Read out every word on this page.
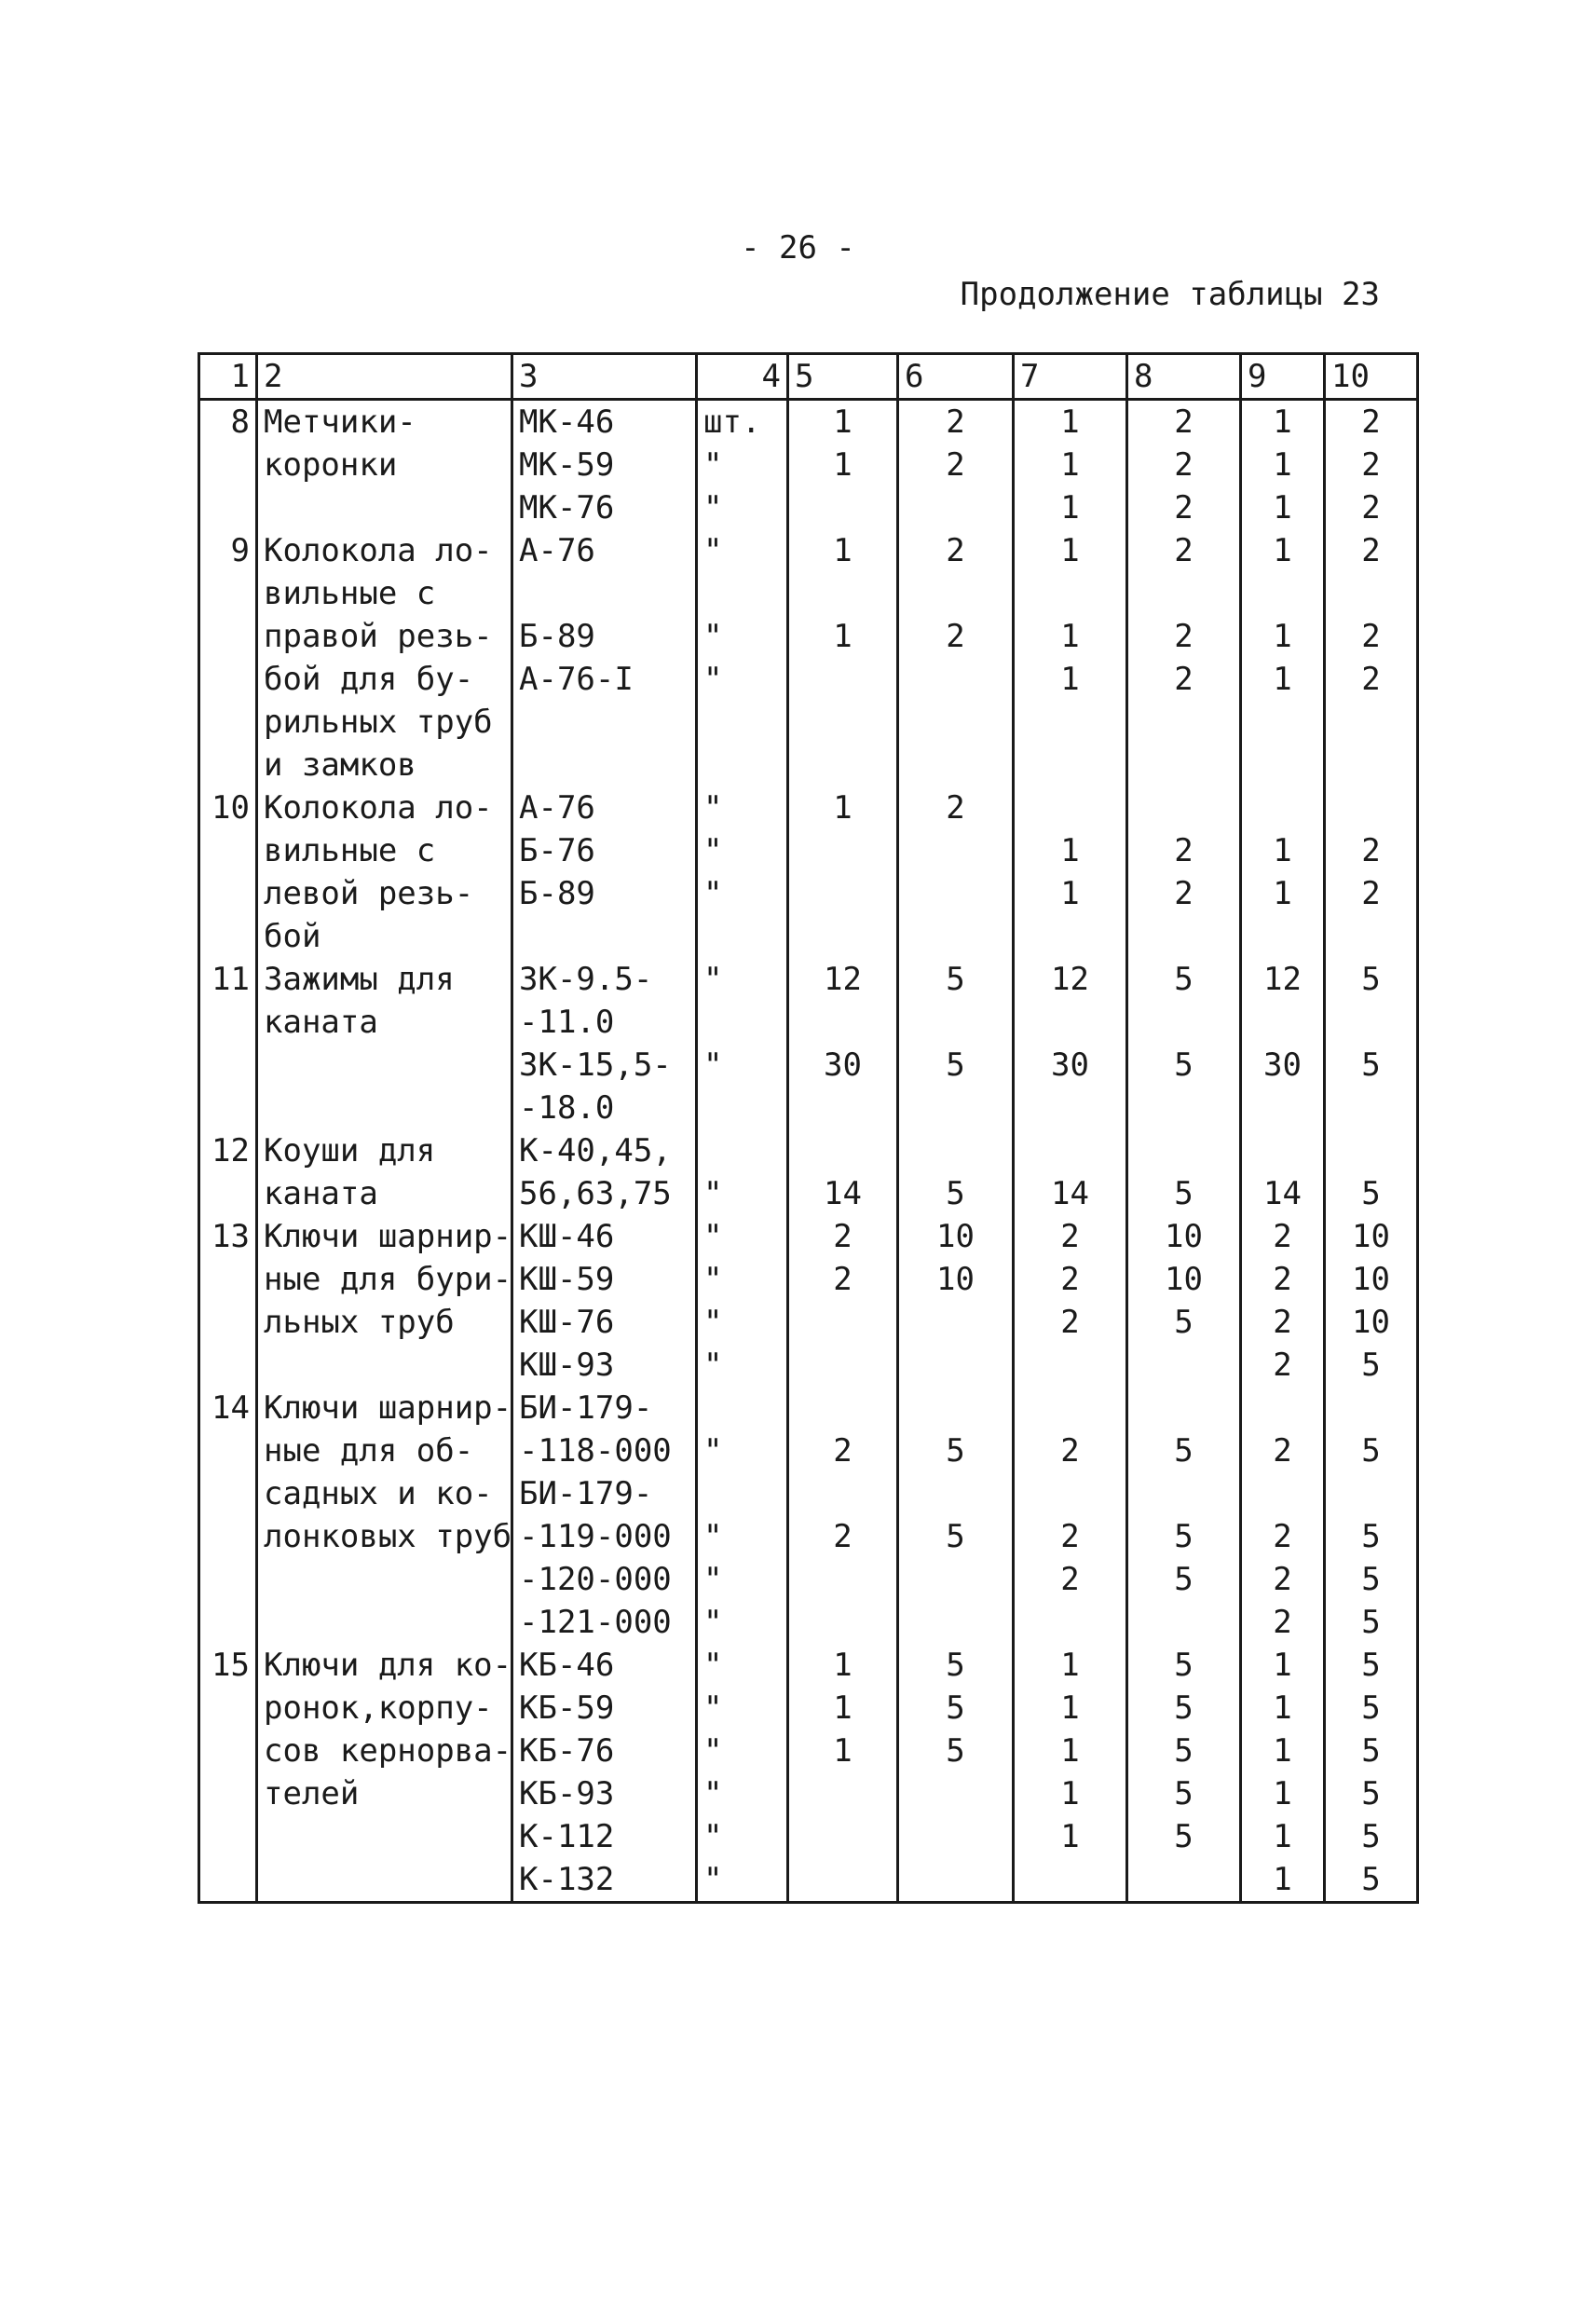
- 26 -
Продолжение таблицы 23
1	2	3	4	5	6	7	8	9	10
8	Метчики-	МК-46	шт.	1	2	1	2	1	2
	коронки	МК-59	"	1	2	1	2	1	2
		МК-76	"			1	2	1	2
9	Колокола ло-	А-76	"	1	2	1	2	1	2
	вильные с								
	правой резь-	Б-89	"	1	2	1	2	1	2
	бой для бу-	А-76-I	"			1	2	1	2
	рильных труб								
	и замков								
10	Колокола ло-	А-76	"	1	2				
	вильные с	Б-76	"			1	2	1	2
	левой резь-	Б-89	"			1	2	1	2
	бой								
11	Зажимы для	ЗК-9.5-	"	12	5	12	5	12	5
	каната	-11.0							
		ЗК-15,5-	"	30	5	30	5	30	5
		-18.0							
12	Коуши для	К-40,45,							
	каната	56,63,75	"	14	5	14	5	14	5
13	Ключи шарнир-	КШ-46	"	2	10	2	10	2	10
	ные для бури-	КШ-59	"	2	10	2	10	2	10
	льных труб	КШ-76	"			2	5	2	10
		КШ-93	"					2	5
14	Ключи шарнир-	БИ-179-							
	ные для об-	-118-000	"	2	5	2	5	2	5
	садных и ко-	БИ-179-							
	лонковых труб	-119-000	"	2	5	2	5	2	5
		-120-000	"			2	5	2	5
		-121-000	"					2	5
15	Ключи для ко-	КБ-46	"	1	5	1	5	1	5
	ронок,корпу-	КБ-59	"	1	5	1	5	1	5
	сов кернорва-	КБ-76	"	1	5	1	5	1	5
	телей	КБ-93	"			1	5	1	5
		К-112	"			1	5	1	5
		К-132	"					1	5
